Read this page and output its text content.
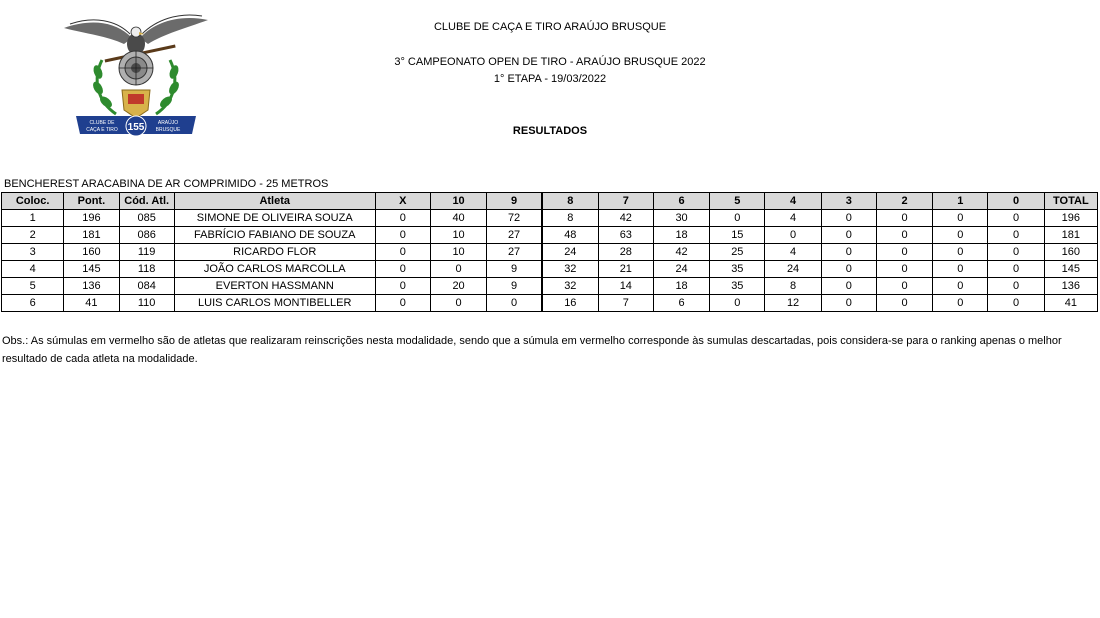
155
CLUBE DE
CAÇA E TIRO
ARAÚJO
BRUSQUE
CLUBE DE CAÇA E TIRO ARAÚJO BRUSQUE
3° CAMPEONATO OPEN DE TIRO - ARAÚJO BRUSQUE 2022
1° ETAPA - 19/03/2022
RESULTADOS
BENCHEREST ARACABINA DE AR COMPRIMIDO - 25 METROS
Coloc.	Pont.	Cód. Atl.	Atleta	X	10	9	8	7	6	5	4	3	2	1	0	TOTAL
1	196	085	SIMONE DE OLIVEIRA SOUZA	0	40	72	8	42	30	0	4	0	0	0	0	196
2	181	086	FABRÍCIO FABIANO DE SOUZA	0	10	27	48	63	18	15	0	0	0	0	0	181
3	160	119	RICARDO FLOR	0	10	27	24	28	42	25	4	0	0	0	0	160
4	145	118	JOÃO CARLOS MARCOLLA	0	0	9	32	21	24	35	24	0	0	0	0	145
5	136	084	EVERTON HASSMANN	0	20	9	32	14	18	35	8	0	0	0	0	136
6	41	110	LUIS CARLOS MONTIBELLER	0	0	0	16	7	6	0	12	0	0	0	0	41
Obs.: As súmulas em vermelho são de atletas que realizaram reinscrições nesta modalidade, sendo que a súmula em vermelho corresponde às sumulas descartadas, pois considera-se para o ranking apenas o melhor resultado de cada atleta na modalidade.
